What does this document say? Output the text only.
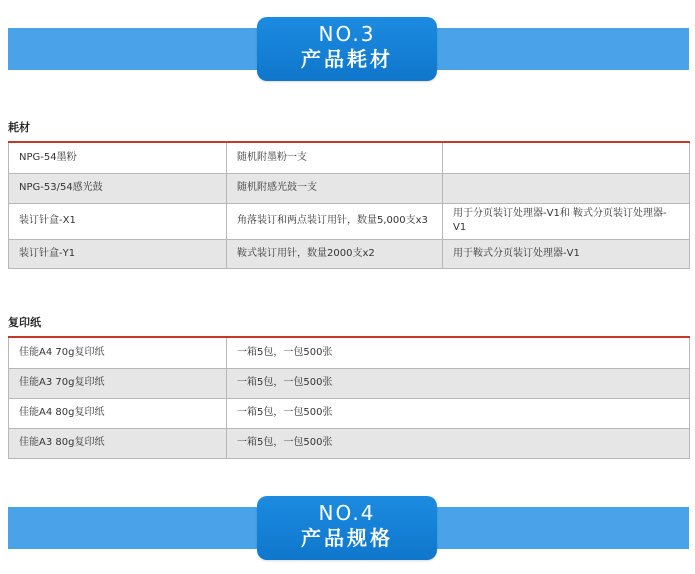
NO.3
产品耗材
耗材
NPG-54墨粉	随机附墨粉一支	
NPG-53/54感光鼓	随机附感光鼓一支	
装订针盒-X1	角落装订和两点装订用针，数量5,000支x3	用于分页装订处理器-V1和 鞍式分页装订处理器-V1
装订针盒-Y1	鞍式装订用针，数量2000支x2	用于鞍式分页装订处理器-V1
复印纸
佳能A4 70g复印纸	一箱5包，一包500张
佳能A3 70g复印纸	一箱5包，一包500张
佳能A4 80g复印纸	一箱5包，一包500张
佳能A3 80g复印纸	一箱5包，一包500张
NO.4
产品规格
